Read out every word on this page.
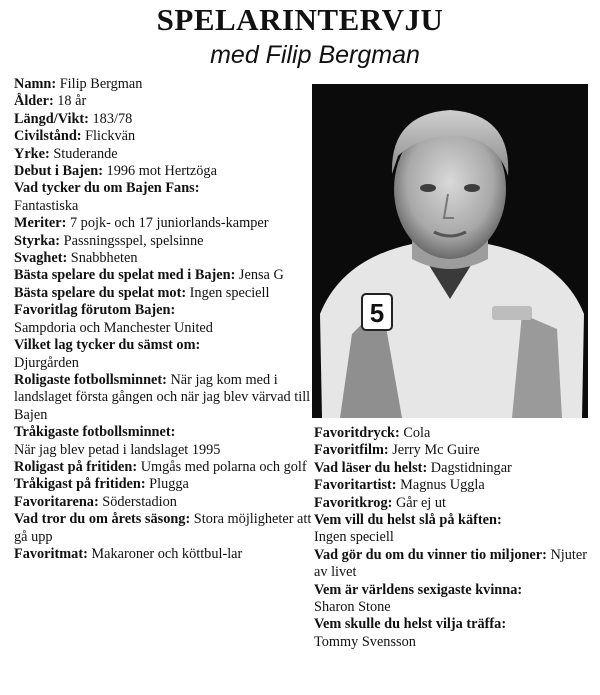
SPELARINTERVJU
med Filip Bergman
Namn: Filip Bergman
Ålder: 18 år
Längd/Vikt: 183/78
Civilstånd: Flickvän
Yrke: Studerande
Debut i Bajen: 1996 mot Hertzöga
Vad tycker du om Bajen Fans:
Fantastiska
Meriter: 7 pojk- och 17 juniorlands-kamper
Styrka: Passningsspel, spelsinne
Svaghet: Snabbheten
Bästa spelare du spelat med i Bajen: Jensa G
Bästa spelare du spelat mot: Ingen speciell
Favoritlag förutom Bajen:
Sampdoria och Manchester United
Vilket lag tycker du sämst om:
Djurgården
Roligaste fotbollsminnet: När jag kom med i landslaget första gången och när jag blev värvad till Bajen
Tråkigaste fotbollsminnet:
När jag blev petad i landslaget 1995
Roligast på fritiden: Umgås med polarna och golf
Tråkigast på fritiden: Plugga
Favoritarena: Söderstadion
Vad tror du om årets säsong: Stora möjligheter att gå upp
Favoritmat: Makaroner och köttbul-lar
5
Favoritdryck: Cola
Favoritfilm: Jerry Mc Guire
Vad läser du helst: Dagstidningar
Favoritartist: Magnus Uggla
Favoritkrog: Går ej ut
Vem vill du helst slå på käften:
Ingen speciell
Vad gör du om du vinner tio miljoner: Njuter av livet
Vem är världens sexigaste kvinna:
Sharon Stone
Vem skulle du helst vilja träffa:
Tommy Svensson
